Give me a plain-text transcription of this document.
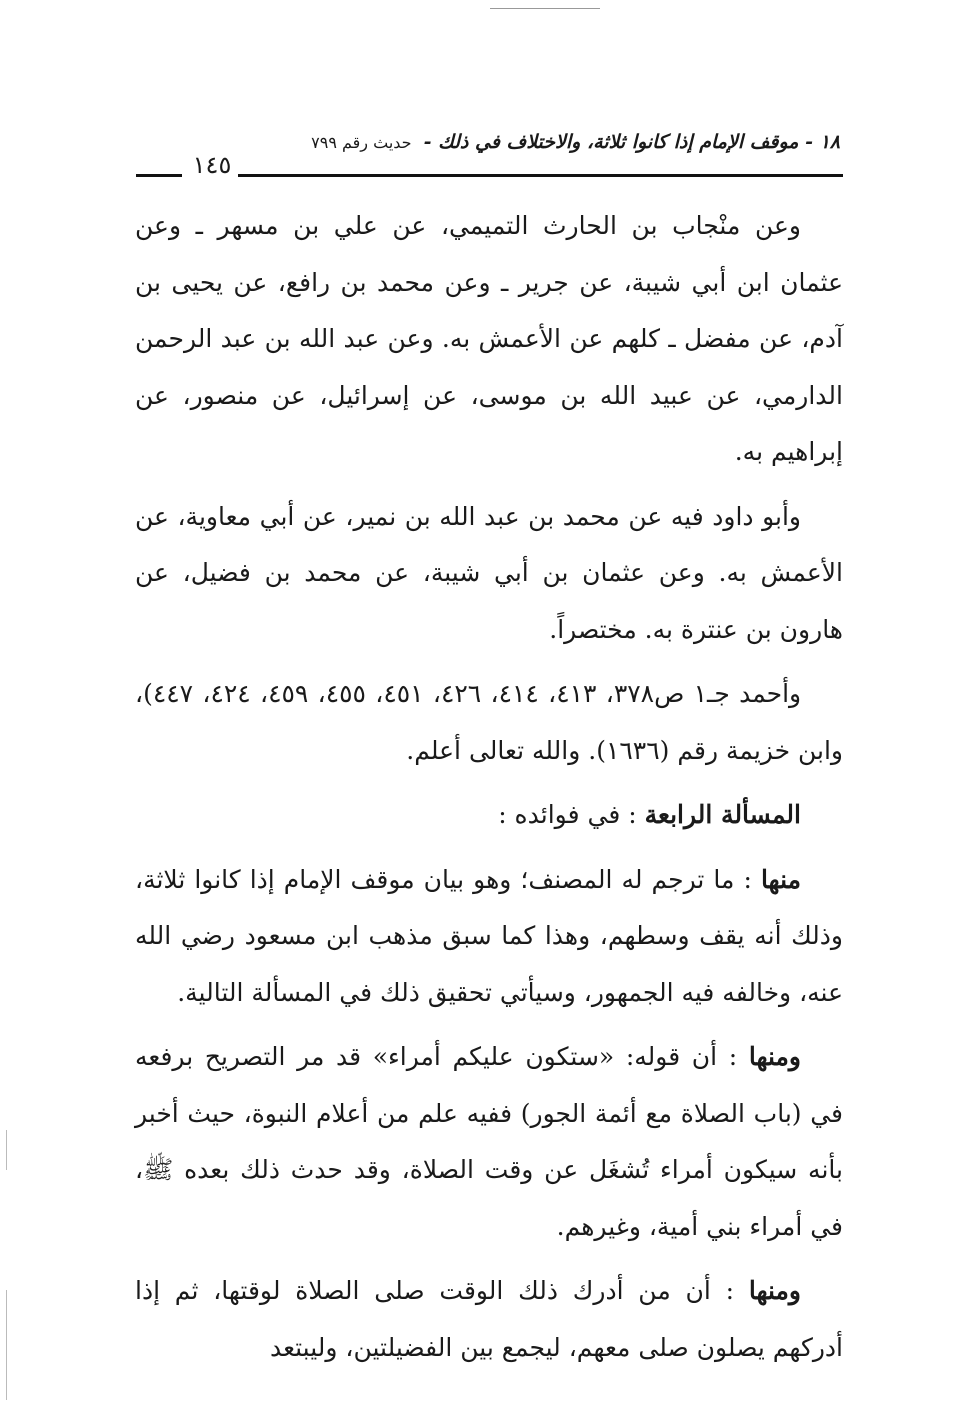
١٨ - موقف الإمام إذا كانوا ثلاثة، والاختلاف في ذلك - حديث رقم ٧٩٩
١٤٥

وعن منْجاب بن الحارث التميمي، عن علي بن مسهر ـ وعن عثمان ابن أبي شيبة، عن جرير ـ وعن محمد بن رافع، عن يحيى بن آدم، عن مفضل ـ كلهم عن الأعمش به. وعن عبد الله بن عبد الرحمن الدارمي، عن عبيد الله بن موسى، عن إسرائيل، عن منصور، عن إبراهيم به.

وأبو داود فيه عن محمد بن عبد الله بن نمير، عن أبي معاوية، عن الأعمش به. وعن عثمان بن أبي شيبة، عن محمد بن فضيل، عن هارون بن عنترة به. مختصراً.

وأحمد جـ١ ص٣٧٨، ٤١٣، ٤١٤، ٤٢٦، ٤٥١، ٤٥٥، ٤٥٩، ٤٢٤، ٤٤٧)، وابن خزيمة رقم (١٦٣٦). والله تعالى أعلم.

المسألة الرابعة : في فوائده :

منها : ما ترجم له المصنف؛ وهو بيان موقف الإمام إذا كانوا ثلاثة، وذلك أنه يقف وسطهم، وهذا كما سبق مذهب ابن مسعود رضي الله عنه، وخالفه فيه الجمهور، وسيأتي تحقيق ذلك في المسألة التالية.

ومنها : أن قوله: «ستكون عليكم أمراء» قد مر التصريح برفعه في (باب الصلاة مع أئمة الجور) ففيه علم من أعلام النبوة، حيث أخبر بأنه سيكون أمراء تُشغَل عن وقت الصلاة، وقد حدث ذلك بعده ﷺ، في أمراء بني أمية، وغيرهم.

ومنها : أن من أدرك ذلك الوقت صلى الصلاة لوقتها، ثم إذا أدركهم يصلون صلى معهم، ليجمع بين الفضيلتين، وليبتعد
